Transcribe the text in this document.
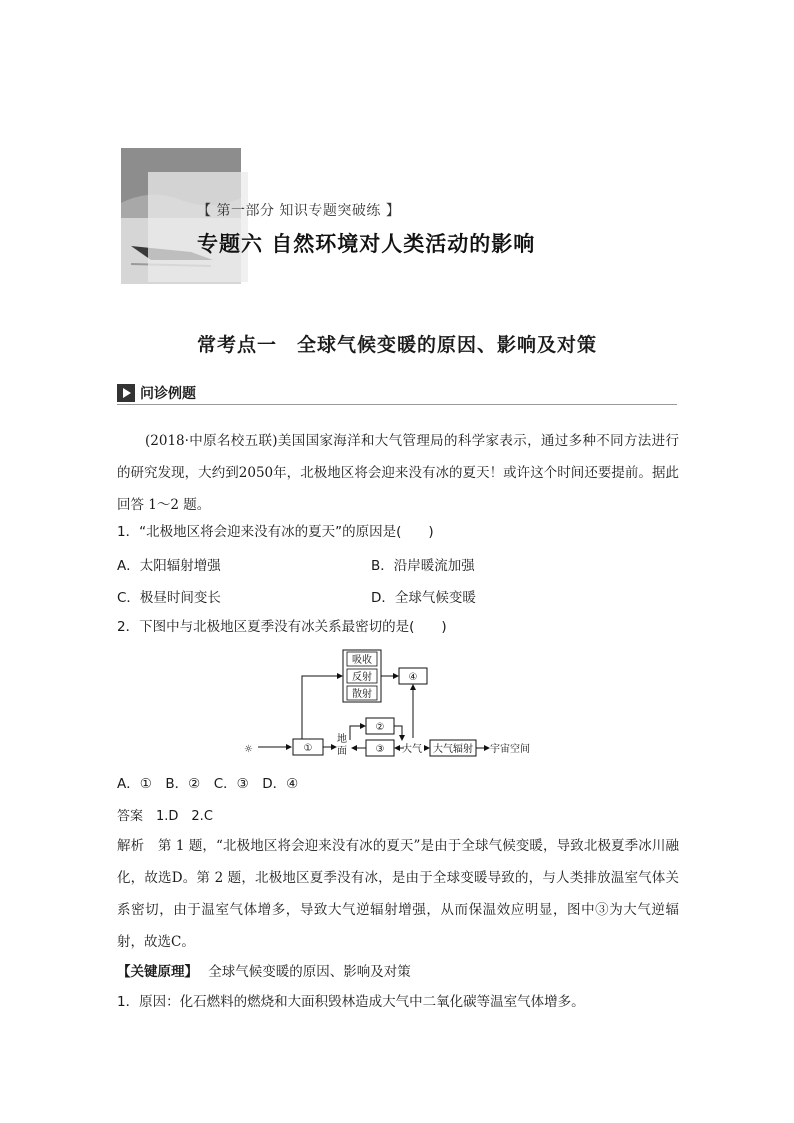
【 第一部分 知识专题突破练 】
专题六 自然环境对人类活动的影响
常考点一 全球气候变暖的原因、影响及对策
问诊例题
(2018·中原名校五联)美国国家海洋和大气管理局的科学家表示，通过多种不同方法进行的研究发现，大约到2050年，北极地区将会迎来没有冰的夏天！或许这个时间还要提前。据此回答 1～2 题。
1．“北极地区将会迎来没有冰的夏天”的原因是(　　)
A．太阳辐射增强	B．沿岸暖流加强
C．极昼时间变长	D．全球气候变暖
2．下图中与北极地区夏季没有冰关系最密切的是(　　)
吸收
反射
散射
④
☼	①
地
面
②
③ 大气 大气辐射 宇宙空间
A．①　B．②　C．③　D．④
答案　1.D　2.C
解析　第 1 题，“北极地区将会迎来没有冰的夏天”是由于全球气候变暖，导致北极夏季冰川融化，故选D。第 2 题，北极地区夏季没有冰，是由于全球变暖导致的，与人类排放温室气体关系密切，由于温室气体增多，导致大气逆辐射增强，从而保温效应明显，图中③为大气逆辐射，故选C。
【关键原理】 全球气候变暖的原因、影响及对策
1．原因：化石燃料的燃烧和大面积毁林造成大气中二氧化碳等温室气体增多。
